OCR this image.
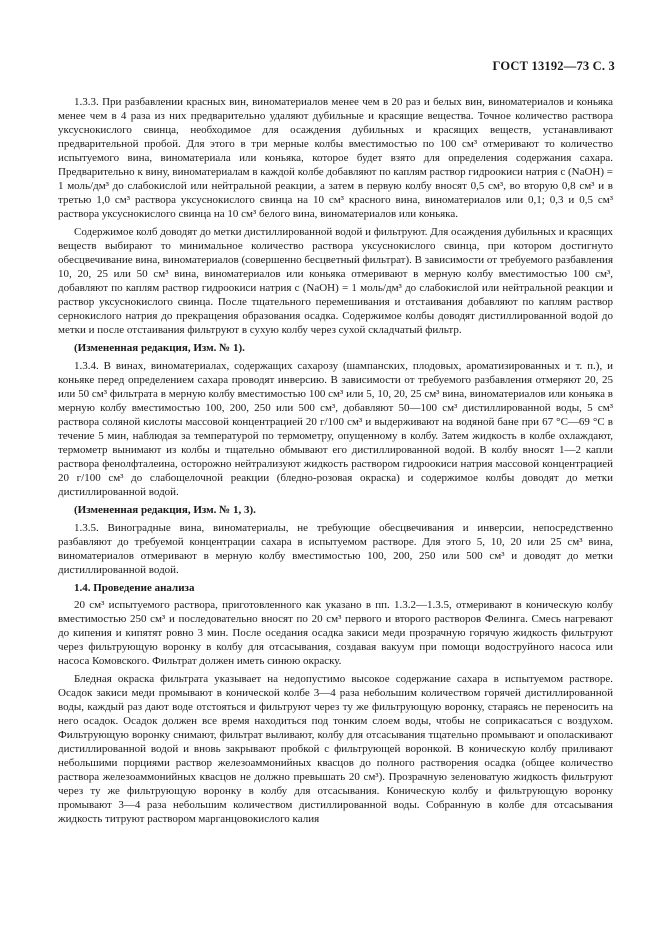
ГОСТ 13192—73 С. 3

1.3.3. При разбавлении красных вин, виноматериалов менее чем в 20 раз и белых вин, виноматериалов и коньяка менее чем в 4 раза из них предварительно удаляют дубильные и красящие вещества. Точное количество раствора уксуснокислого свинца, необходимое для осаждения дубильных и красящих веществ, устанавливают предварительной пробой. Для этого в три мерные колбы вместимостью по 100 см³ отмеривают то количество испытуемого вина, виноматериала или коньяка, которое будет взято для определения содержания сахара. Предварительно к вину, виноматериалам в каждой колбе добавляют по каплям раствор гидроокиси натрия c (NaOH) = 1 моль/дм³ до слабокислой или нейтральной реакции, а затем в первую колбу вносят 0,5 см³, во вторую 0,8 см³ и в третью 1,0 см³ раствора уксуснокислого свинца на 10 см³ красного вина, виноматериалов или 0,1; 0,3 и 0,5 см³ раствора уксуснокислого свинца на 10 см³ белого вина, виноматериалов или коньяка.

Содержимое колб доводят до метки дистиллированной водой и фильтруют. Для осаждения дубильных и красящих веществ выбирают то минимальное количество раствора уксуснокислого свинца, при котором достигнуто обесцвечивание вина, виноматериалов (совершенно бесцветный фильтрат). В зависимости от требуемого разбавления 10, 20, 25 или 50 см³ вина, виноматериалов или коньяка отмеривают в мерную колбу вместимостью 100 см³, добавляют по каплям раствор гидроокиси натрия c (NaOH) = 1 моль/дм³ до слабокислой или нейтральной реакции и раствор уксуснокислого свинца. После тщательного перемешивания и отстаивания добавляют по каплям раствор сернокислого натрия до прекращения образования осадка. Содержимое колбы доводят дистиллированной водой до метки и после отстаивания фильтруют в сухую колбу через сухой складчатый фильтр.

(Измененная редакция, Изм. № 1).

1.3.4. В винах, виноматериалах, содержащих сахарозу (шампанских, плодовых, ароматизированных и т. п.), и коньяке перед определением сахара проводят инверсию. В зависимости от требуемого разбавления отмеряют 20, 25 или 50 см³ фильтрата в мерную колбу вместимостью 100 см³ или 5, 10, 20, 25 см³ вина, виноматериалов или коньяка в мерную колбу вместимостью 100, 200, 250 или 500 см³, добавляют 50—100 см³ дистиллированной воды, 5 см³ раствора соляной кислоты массовой концентрацией 20 г/100 см³ и выдерживают на водяной бане при 67 °С—69 °С в течение 5 мин, наблюдая за температурой по термометру, опущенному в колбу. Затем жидкость в колбе охлаждают, термометр вынимают из колбы и тщательно обмывают его дистиллированной водой. В колбу вносят 1—2 капли раствора фенолфталеина, осторожно нейтрализуют жидкость раствором гидроокиси натрия массовой концентрацией 20 г/100 см³ до слабощелочной реакции (бледно-розовая окраска) и содержимое колбы доводят до метки дистиллированной водой.

(Измененная редакция, Изм. № 1, 3).

1.3.5. Виноградные вина, виноматериалы, не требующие обесцвечивания и инверсии, непосредственно разбавляют до требуемой концентрации сахара в испытуемом растворе. Для этого 5, 10, 20 или 25 см³ вина, виноматериалов отмеривают в мерную колбу вместимостью 100, 200, 250 или 500 см³ и доводят до метки дистиллированной водой.

1.4. Проведение анализа

20 см³ испытуемого раствора, приготовленного как указано в пп. 1.3.2—1.3.5, отмеривают в коническую колбу вместимостью 250 см³ и последовательно вносят по 20 см³ первого и второго растворов Фелинга. Смесь нагревают до кипения и кипятят ровно 3 мин. После оседания осадка закиси меди прозрачную горячую жидкость фильтруют через фильтрующую воронку в колбу для отсасывания, создавая вакуум при помощи водоструйного насоса или насоса Комовского. Фильтрат должен иметь синюю окраску.

Бледная окраска фильтрата указывает на недопустимо высокое содержание сахара в испытуемом растворе. Осадок закиси меди промывают в конической колбе 3—4 раза небольшим количеством горячей дистиллированной воды, каждый раз дают воде отстояться и фильтруют через ту же фильтрующую воронку, стараясь не переносить на него осадок. Осадок должен все время находиться под тонким слоем воды, чтобы не соприкасаться с воздухом. Фильтрующую воронку снимают, фильтрат выливают, колбу для отсасывания тщательно промывают и ополаскивают дистиллированной водой и вновь закрывают пробкой с фильтрующей воронкой. В коническую колбу приливают небольшими порциями раствор железоаммонийных квасцов до полного растворения осадка (общее количество раствора железоаммонийных квасцов не должно превышать 20 см³). Прозрачную зеленоватую жидкость фильтруют через ту же фильтрующую воронку в колбу для отсасывания. Коническую колбу и фильтрующую воронку промывают 3—4 раза небольшим количеством дистиллированной воды. Собранную в колбе для отсасывания жидкость титруют раствором марганцовокислого калия
